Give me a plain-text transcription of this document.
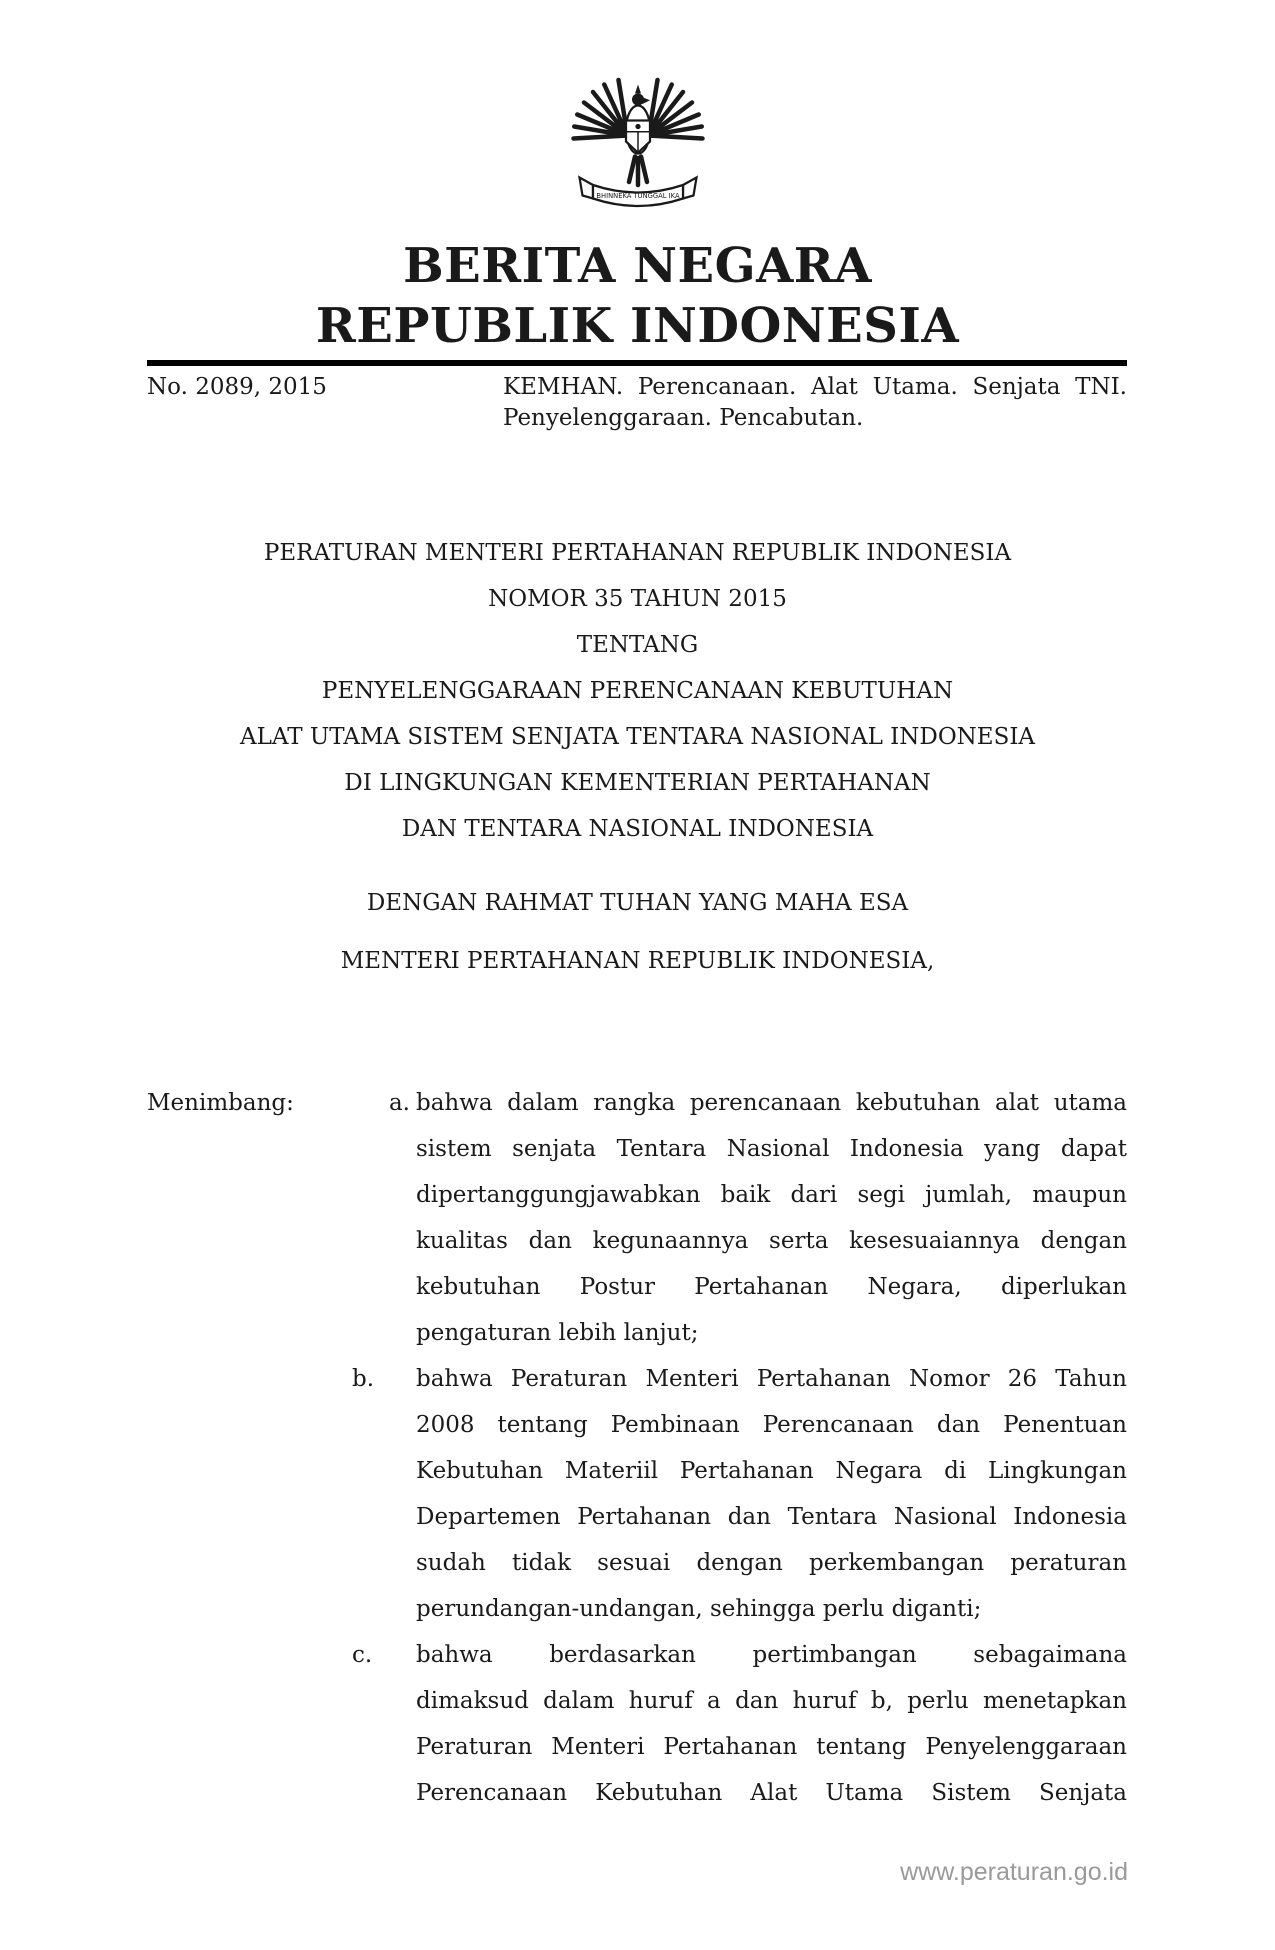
BHINNEKA TUNGGAL IKA
BERITA NEGARA
REPUBLIK INDONESIA
No. 2089, 2015	KEMHAN. Perencanaan. Alat Utama. Senjata TNI. Penyelenggaraan. Pencabutan.
PERATURAN MENTERI PERTAHANAN REPUBLIK INDONESIA
NOMOR 35 TAHUN 2015
TENTANG
PENYELENGGARAAN PERENCANAAN KEBUTUHAN
ALAT UTAMA SISTEM SENJATA TENTARA NASIONAL INDONESIA
DI LINGKUNGAN KEMENTERIAN PERTAHANAN
DAN TENTARA NASIONAL INDONESIA
DENGAN RAHMAT TUHAN YANG MAHA ESA
MENTERI PERTAHANAN REPUBLIK INDONESIA,
Menimbang:	a. bahwa dalam rangka perencanaan kebutuhan alat utama
sistem senjata Tentara Nasional Indonesia yang dapat
dipertanggungjawabkan baik dari segi jumlah, maupun
kualitas dan kegunaannya serta kesesuaiannya dengan
kebutuhan Postur Pertahanan Negara, diperlukan
pengaturan lebih lanjut;
b.	bahwa Peraturan Menteri Pertahanan Nomor 26 Tahun
2008 tentang Pembinaan Perencanaan dan Penentuan
Kebutuhan Materiil Pertahanan Negara di Lingkungan
Departemen Pertahanan dan Tentara Nasional Indonesia
sudah tidak sesuai dengan perkembangan peraturan
perundangan-undangan, sehingga perlu diganti;
c.	bahwa berdasarkan pertimbangan sebagaimana
dimaksud dalam huruf a dan huruf b, perlu menetapkan
Peraturan Menteri Pertahanan tentang Penyelenggaraan
Perencanaan Kebutuhan Alat Utama Sistem Senjata
www.peraturan.go.id
